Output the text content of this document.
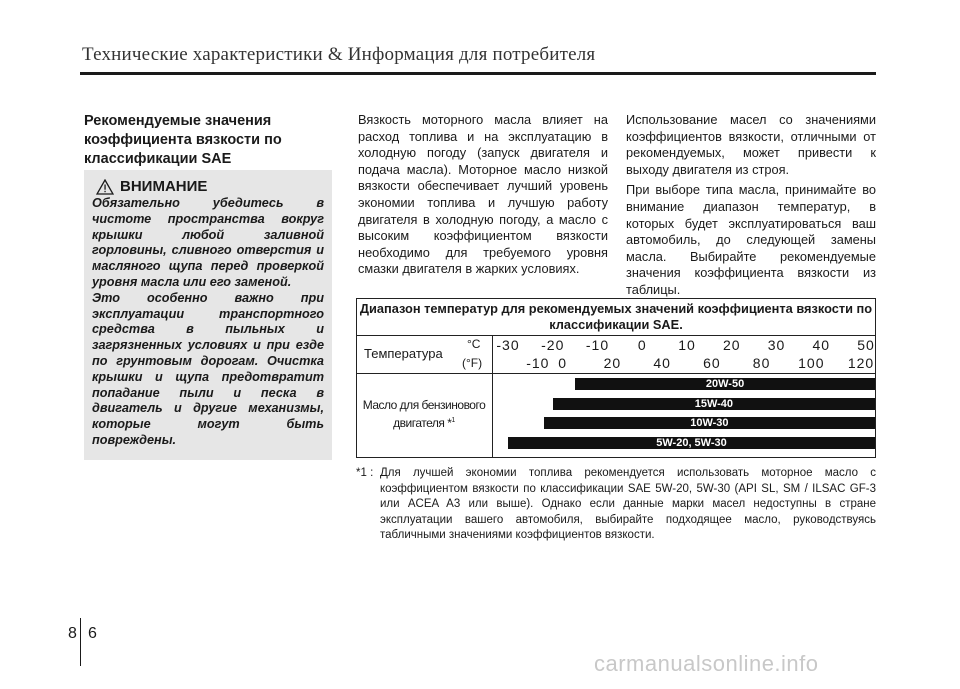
Технические характеристики & Информация для потребителя
Рекомендуемые значения коэффициента вязкости по классификации SAE
ВНИМАНИЕ

Обязательно убедитесь в чистоте пространства вокруг крышки любой заливной горловины, сливного отверстия и масляного щупа перед проверкой уровня масла или его заменой.

Это особенно важно при эксплуатации транспортного средства в пыльных и загрязненных условиях и при езде по грунтовым дорогам. Очистка крышки и щупа предотвратит попадание пыли и песка в двигатель и другие механизмы, которые могут быть повреждены.

Вязкость моторного масла влияет на расход топлива и на эксплуатацию в холодную погоду (запуск двигателя и подача масла). Моторное масло низкой вязкости обеспечивает лучший уровень экономии топлива и лучшую работу двигателя в холодную погоду, а масло с высоким коэффициентом вязкости необходимо для требуемого уровня смазки двигателя в жарких условиях.

Использование масел со значениями коэффициентов вязкости, отличными от рекомендуемых, может привести к выходу двигателя из строя.

При выборе типа масла, принимайте во внимание диапазон температур, в которых будет эксплуатироваться ваш автомобиль, до следующей замены масла. Выбирайте рекомендуемые значения коэффициента вязкости из таблицы.

Диапазон температур для рекомендуемых значений коэффициента вязкости по классификации SAE.
Температура
°C
(°F)
Масло для бензинового двигателя *$^1$
-30 -20 -10 0 10 20 30 40 50
-10 0	20 40 60 80 100 120
20W-50
15W-40
10W-30
5W-20, 5W-30
*1 : Для лучшей экономии топлива рекомендуется использовать моторное масло с коэффициентом вязкости по классификации SAE 5W-20, 5W-30 (API SL, SM / ILSAC GF-3 или ACEA A3 или выше). Однако если данные марки масел недоступны в стране эксплуатации вашего автомобиля, выбирайте подходящее масло, руководствуясь табличными значениями коэффициентов вязкости.
8 6
carmanualsonline.info
